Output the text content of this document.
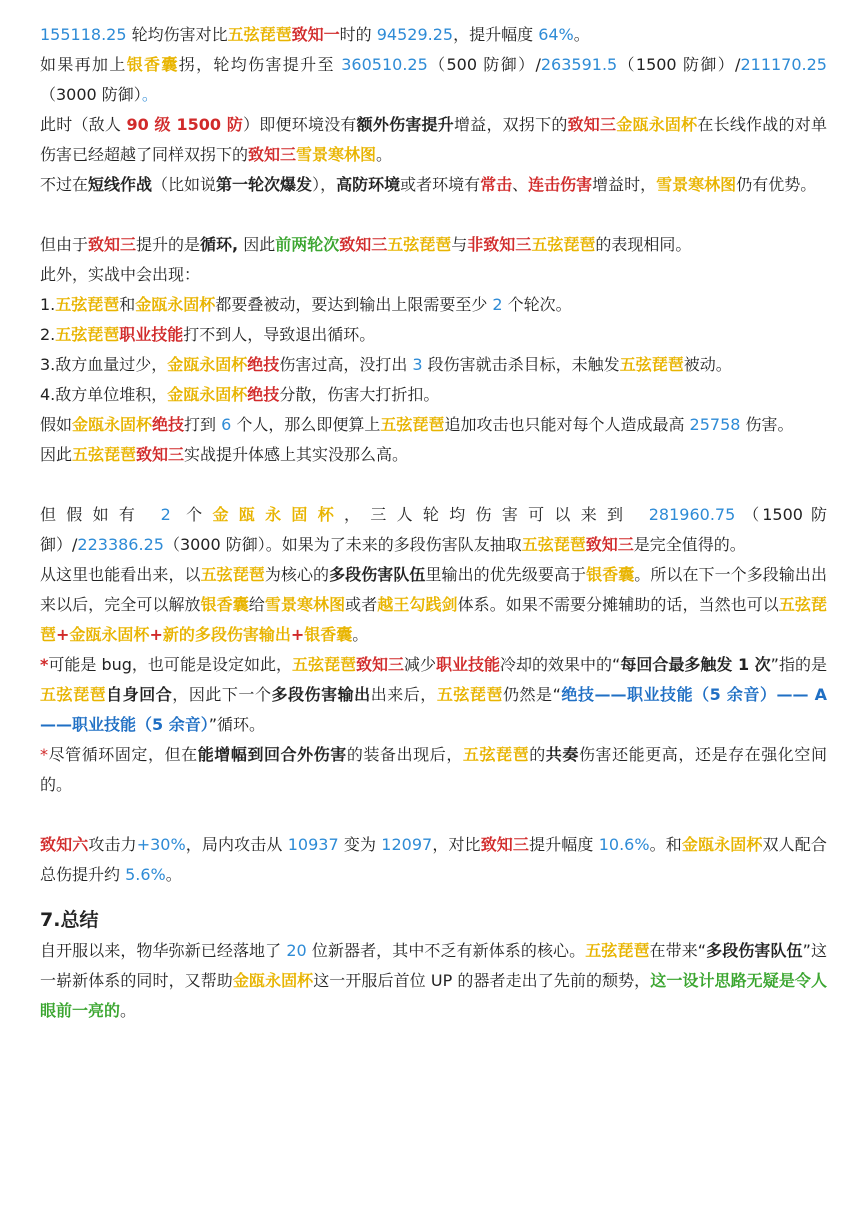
155118.25 轮均伤害对比五弦琵琶致知一时的 94529.25，提升幅度 64%。

如果再加上银香囊拐，轮均伤害提升至 360510.25（500 防御）/263591.5（1500 防御）/211170.25（3000 防御）。

此时（敌人 90 级 1500 防）即便环境没有额外伤害提升增益，双拐下的致知三金瓯永固杯在长线作战的对单伤害已经超越了同样双拐下的致知三雪景寒林图。

不过在短线作战（比如说第一轮次爆发），高防环境或者环境有常击、连击伤害增益时，雪景寒林图仍有优势。

但由于致知三提升的是循环, 因此前两轮次致知三五弦琵琶与非致知三五弦琵琶的表现相同。

此外，实战中会出现：

1.五弦琵琶和金瓯永固杯都要叠被动，要达到输出上限需要至少 2 个轮次。

2.五弦琵琶职业技能打不到人，导致退出循环。

3.敌方血量过少，金瓯永固杯绝技伤害过高，没打出 3 段伤害就击杀目标，未触发五弦琵琶被动。

4.敌方单位堆积，金瓯永固杯绝技分散，伤害大打折扣。

假如金瓯永固杯绝技打到 6 个人，那么即便算上五弦琵琶追加攻击也只能对每个人造成最高 25758 伤害。

因此五弦琵琶致知三实战提升体感上其实没那么高。

但假如有 2 个金瓯永固杯，三人轮均伤害可以来到 281960.75 （1500 防御）/223386.25（3000 防御）。如果为了未来的多段伤害队友抽取五弦琵琶致知三是完全值得的。

从这里也能看出来，以五弦琵琶为核心的多段伤害队伍里输出的优先级要高于银香囊。所以在下一个多段输出出来以后，完全可以解放银香囊给雪景寒林图或者越王勾践剑体系。如果不需要分摊辅助的话，当然也可以五弦琵琶+金瓯永固杯+新的多段伤害输出+银香囊。

*可能是 bug，也可能是设定如此，五弦琵琶致知三减少职业技能冷却的效果中的“每回合最多触发 1 次”指的是五弦琵琶自身回合，因此下一个多段伤害输出出来后，五弦琵琶仍然是“绝技——职业技能（5 余音）—— A ——职业技能（5 余音）”循环。

*尽管循环固定，但在能增幅到回合外伤害的装备出现后，五弦琵琶的共奏伤害还能更高，还是存在强化空间的。

致知六攻击力+30%，局内攻击从 10937 变为 12097，对比致知三提升幅度 10.6%。和金瓯永固杯双人配合总伤提升约 5.6%。

7.总结

自开服以来，物华弥新已经落地了 20 位新器者，其中不乏有新体系的核心。五弦琵琶在带来“多段伤害队伍”这一崭新体系的同时，又帮助金瓯永固杯这一开服后首位 UP 的器者走出了先前的颓势，这一设计思路无疑是令人眼前一亮的。
